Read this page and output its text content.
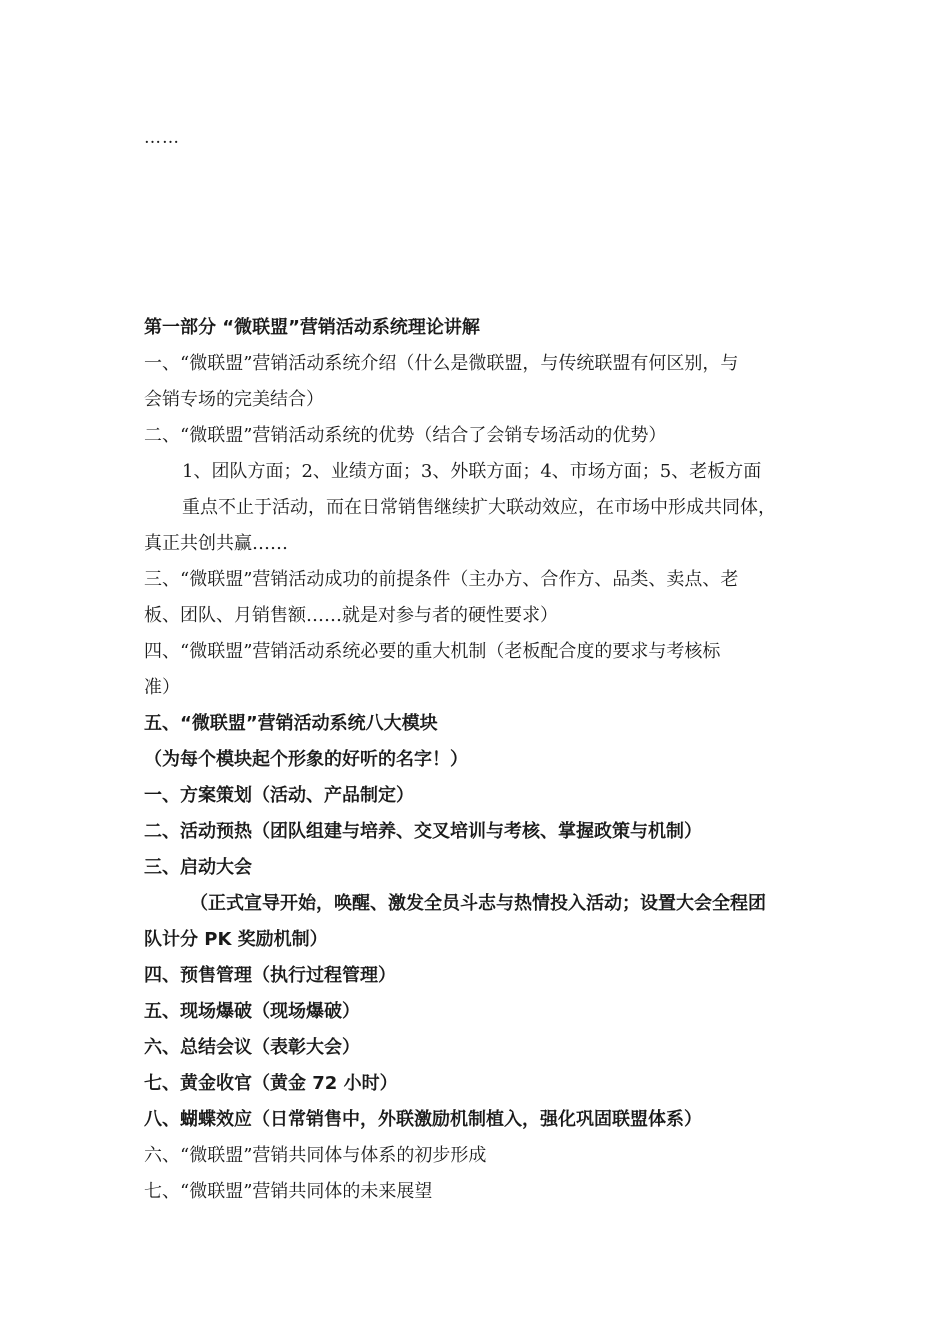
……
第一部分 “微联盟”营销活动系统理论讲解
一、“微联盟”营销活动系统介绍（什么是微联盟，与传统联盟有何区别，与
会销专场的完美结合）
二、“微联盟”营销活动系统的优势（结合了会销专场活动的优势）
1、团队方面；2、业绩方面；3、外联方面；4、市场方面；5、老板方面
重点不止于活动，而在日常销售继续扩大联动效应，在市场中形成共同体，
真正共创共赢……
三、“微联盟”营销活动成功的前提条件（主办方、合作方、品类、卖点、老
板、团队、月销售额……就是对参与者的硬性要求）
四、“微联盟”营销活动系统必要的重大机制（老板配合度的要求与考核标
准）
五、“微联盟”营销活动系统八大模块
（为每个模块起个形象的好听的名字！）
一、方案策划（活动、产品制定）
二、活动预热（团队组建与培养、交叉培训与考核、掌握政策与机制）
三、启动大会
（正式宣导开始，唤醒、激发全员斗志与热情投入活动；设置大会全程团
队计分 PK 奖励机制）
四、预售管理（执行过程管理）
五、现场爆破（现场爆破）
六、总结会议（表彰大会）
七、黄金收官（黄金 72 小时）
八、蝴蝶效应（日常销售中，外联激励机制植入，强化巩固联盟体系）
六、“微联盟”营销共同体与体系的初步形成
七、“微联盟”营销共同体的未来展望
